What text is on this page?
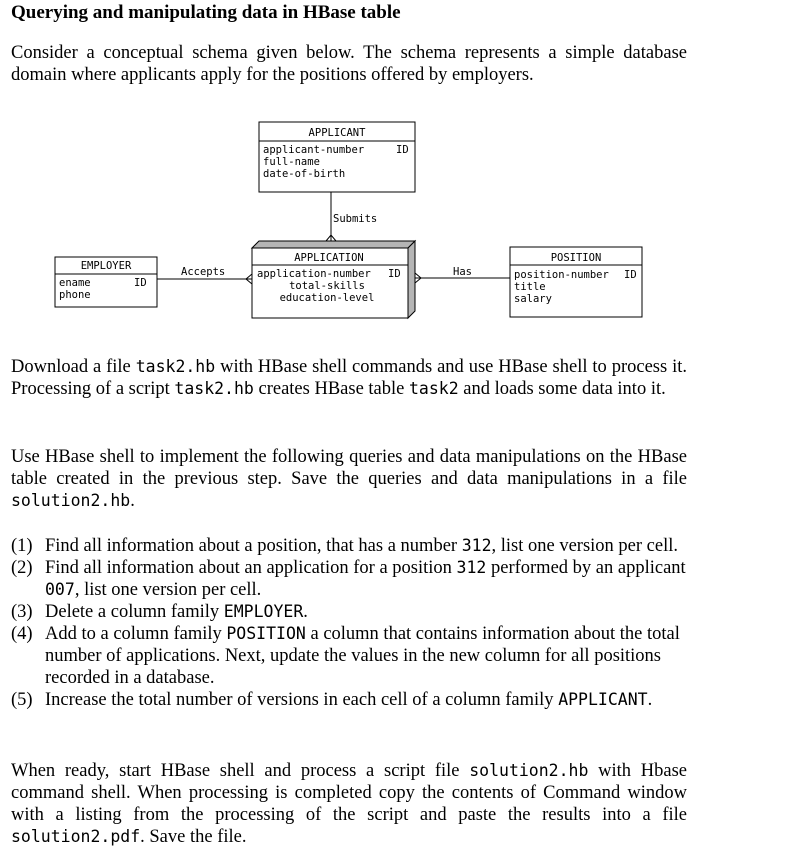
Querying and manipulating data in HBase table

Consider a conceptual schema given below. The schema represents a simple database domain where applicants apply for the positions offered by employers.

APPLICANT
applicant-number
full-name
date-of-birth
ID
Submits
APPLICATION
application-number ID
total-skills
education-level
EMPLOYER
ename
phone
ID
Accepts	Has
POSITION
position-number
title
salary
ID

Download a file task2.hb with HBase shell commands and use HBase shell to process it. Processing of a script task2.hb creates HBase table task2 and loads some data into it.

Use HBase shell to implement the following queries and data manipulations on the HBase table created in the previous step. Save the queries and data manipulations in a file solution2.hb.

(1) Find all information about a position, that has a number 312, list one version per cell.
(2) Find all information about an application for a position 312 performed by an applicant 007, list one version per cell.
(3) Delete a column family EMPLOYER.
(4) Add to a column family POSITION a column that contains information about the total number of applications. Next, update the values in the new column for all positions recorded in a database.
(5) Increase the total number of versions in each cell of a column family APPLICANT.

When ready, start HBase shell and process a script file solution2.hb with Hbase command shell. When processing is completed copy the contents of Command window with a listing from the processing of the script and paste the results into a file solution2.pdf. Save the file.
